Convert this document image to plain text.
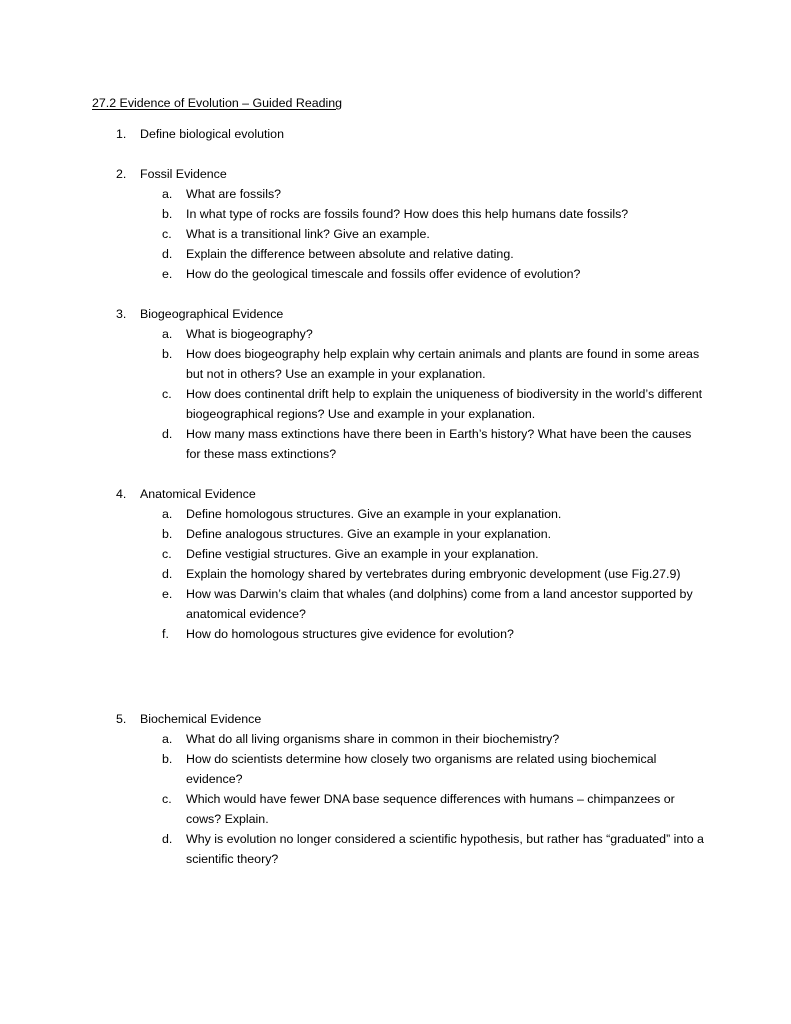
27.2 Evidence of Evolution – Guided Reading
1. Define biological evolution
2. Fossil Evidence
a.	What are fossils?
b.	In what type of rocks are fossils found? How does this help humans date fossils?
c.	What is a transitional link? Give an example.
d.	Explain the difference between absolute and relative dating.
e.	How do the geological timescale and fossils offer evidence of evolution?
3. Biogeographical Evidence
a.	What is biogeography?
b.	How does biogeography help explain why certain animals and plants are found in some areas but not in others? Use an example in your explanation.
c.	How does continental drift help to explain the uniqueness of biodiversity in the world’s different biogeographical regions? Use and example in your explanation.
d.	How many mass extinctions have there been in Earth’s history? What have been the causes for these mass extinctions?
4. Anatomical Evidence
a.	Define homologous structures. Give an example in your explanation.
b.	Define analogous structures. Give an example in your explanation.
c.	Define vestigial structures. Give an example in your explanation.
d.	Explain the homology shared by vertebrates during embryonic development (use Fig.27.9)
e.	How was Darwin’s claim that whales (and dolphins) come from a land ancestor supported by anatomical evidence?
f.	How do homologous structures give evidence for evolution?
5. Biochemical Evidence
a.	What do all living organisms share in common in their biochemistry?
b.	How do scientists determine how closely two organisms are related using biochemical evidence?
c.	Which would have fewer DNA base sequence differences with humans – chimpanzees or cows? Explain.
d.	Why is evolution no longer considered a scientific hypothesis, but rather has “graduated” into a scientific theory?
